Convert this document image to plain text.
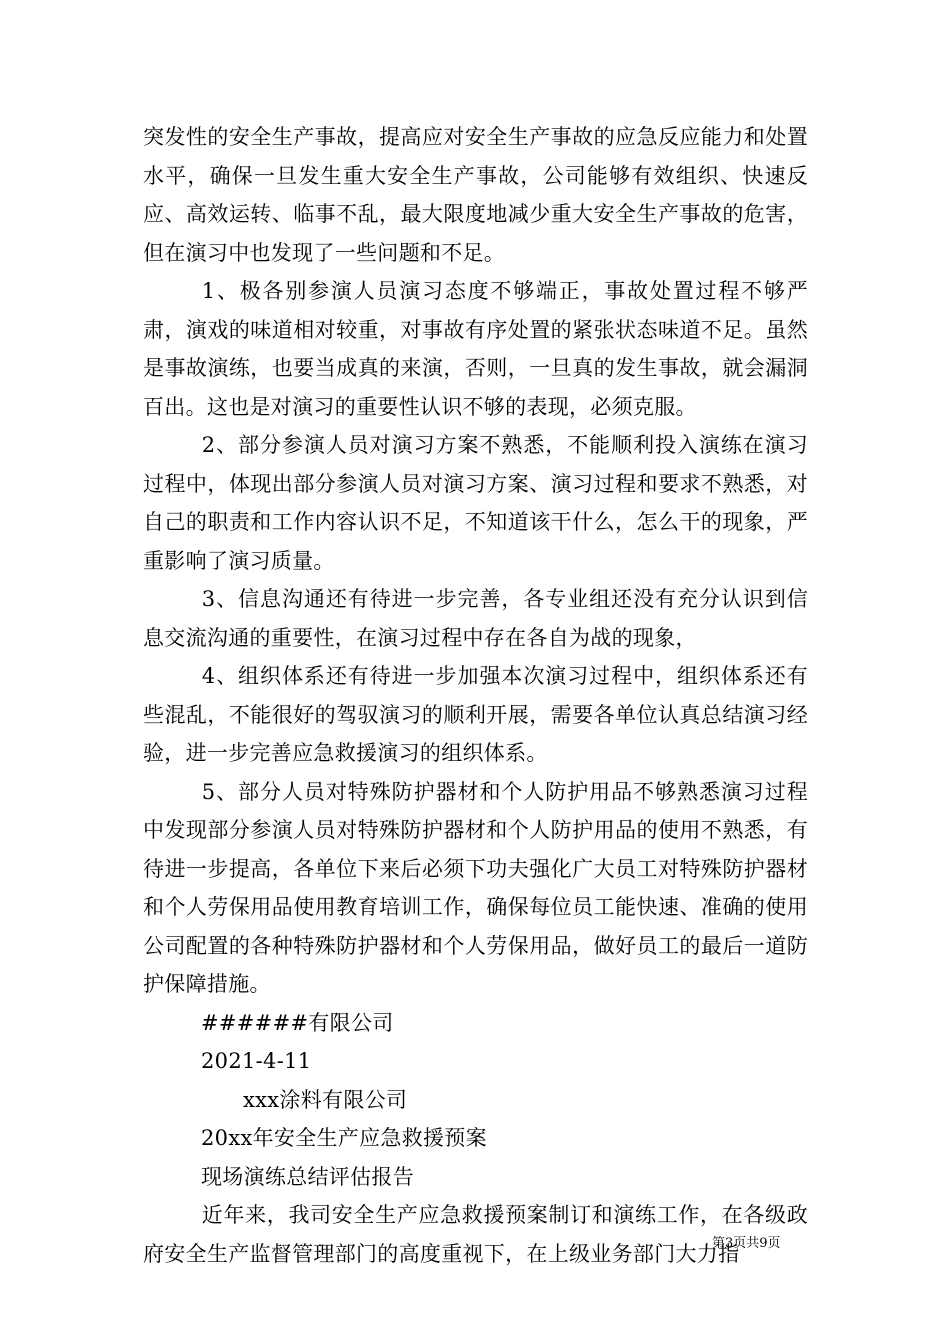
突发性的安全生产事故，提高应对安全生产事故的应急反应能力和处置水平，确保一旦发生重大安全生产事故，公司能够有效组织、快速反应、高效运转、临事不乱，最大限度地减少重大安全生产事故的危害，但在演习中也发现了一些问题和不足。

1、极各别参演人员演习态度不够端正，事故处置过程不够严肃，演戏的味道相对较重，对事故有序处置的紧张状态味道不足。虽然是事故演练，也要当成真的来演，否则，一旦真的发生事故，就会漏洞百出。这也是对演习的重要性认识不够的表现，必须克服。

2、部分参演人员对演习方案不熟悉，不能顺利投入演练在演习过程中，体现出部分参演人员对演习方案、演习过程和要求不熟悉，对自己的职责和工作内容认识不足，不知道该干什么，怎么干的现象，严重影响了演习质量。

3、信息沟通还有待进一步完善，各专业组还没有充分认识到信息交流沟通的重要性，在演习过程中存在各自为战的现象，

4、组织体系还有待进一步加强本次演习过程中，组织体系还有些混乱，不能很好的驾驭演习的顺利开展，需要各单位认真总结演习经验，进一步完善应急救援演习的组织体系。

5、部分人员对特殊防护器材和个人防护用品不够熟悉演习过程中发现部分参演人员对特殊防护器材和个人防护用品的使用不熟悉，有待进一步提高，各单位下来后必须下功夫强化广大员工对特殊防护器材和个人劳保用品使用教育培训工作，确保每位员工能快速、准确的使用公司配置的各种特殊防护器材和个人劳保用品，做好员工的最后一道防护保障措施。

######有限公司

2021-4-11

xxx涂料有限公司

20xx年安全生产应急救援预案

现场演练总结评估报告

近年来，我司安全生产应急救援预案制订和演练工作，在各级政府安全生产监督管理部门的高度重视下，在上级业务部门大力指

第3页共9页
